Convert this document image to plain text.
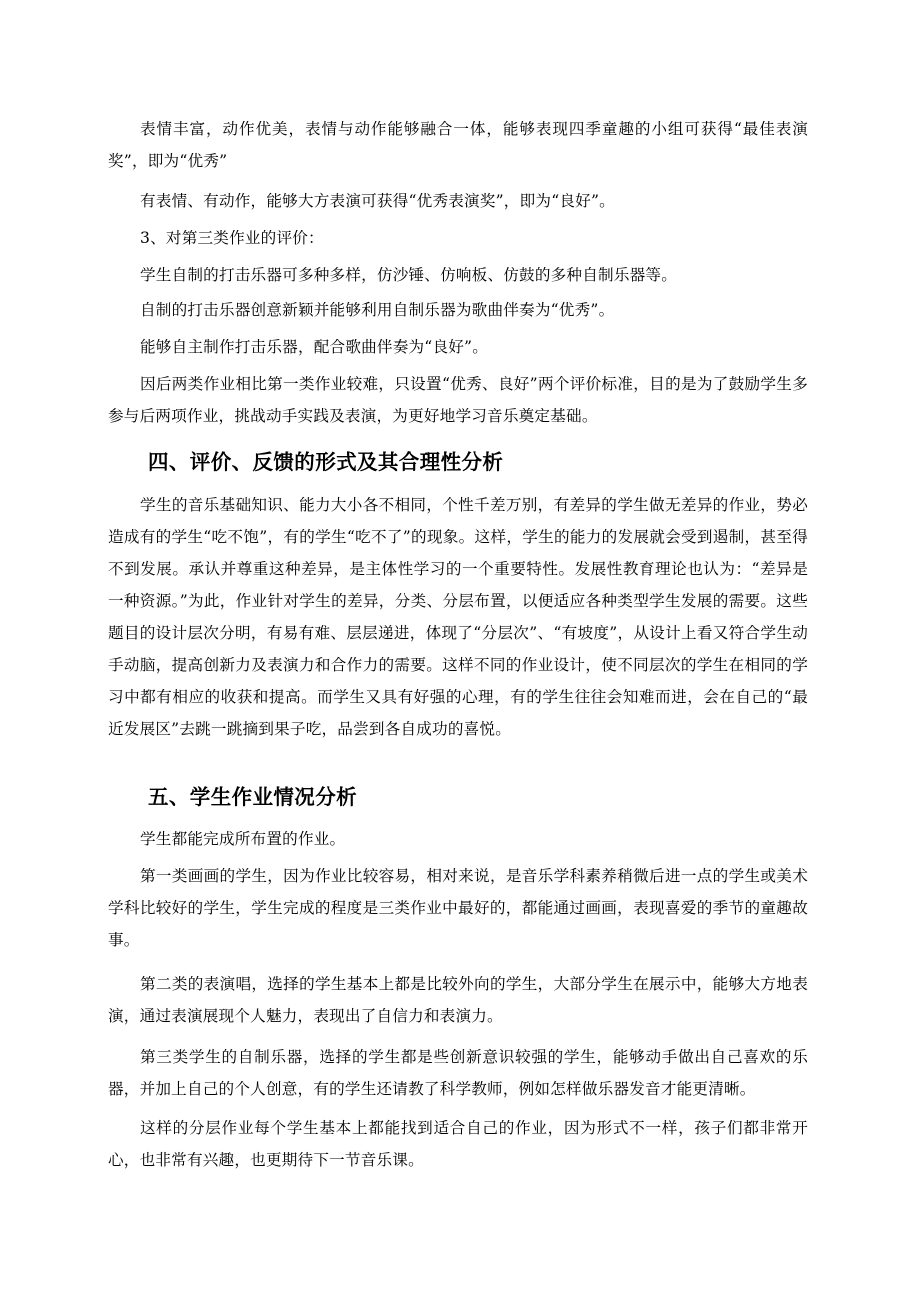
表情丰富，动作优美，表情与动作能够融合一体，能够表现四季童趣的小组可获得“最佳表演奖”，即为“优秀”

有表情、有动作，能够大方表演可获得“优秀表演奖”，即为“良好”。

3、对第三类作业的评价：

学生自制的打击乐器可多种多样，仿沙锤、仿响板、仿鼓的多种自制乐器等。

自制的打击乐器创意新颖并能够利用自制乐器为歌曲伴奏为“优秀”。

能够自主制作打击乐器，配合歌曲伴奏为“良好”。

因后两类作业相比第一类作业较难，只设置“优秀、良好”两个评价标准，目的是为了鼓励学生多参与后两项作业，挑战动手实践及表演，为更好地学习音乐奠定基础。

四、评价、反馈的形式及其合理性分析

学生的音乐基础知识、能力大小各不相同，个性千差万别，有差异的学生做无差异的作业，势必造成有的学生“吃不饱”，有的学生“吃不了”的现象。这样，学生的能力的发展就会受到遏制，甚至得不到发展。承认并尊重这种差异，是主体性学习的一个重要特性。发展性教育理论也认为：“差异是一种资源。”为此，作业针对学生的差异，分类、分层布置，以便适应各种类型学生发展的需要。这些题目的设计层次分明，有易有难、层层递进，体现了“分层次”、“有坡度”，从设计上看又符合学生动手动脑，提高创新力及表演力和合作力的需要。这样不同的作业设计，使不同层次的学生在相同的学习中都有相应的收获和提高。而学生又具有好强的心理，有的学生往往会知难而进，会在自己的“最近发展区”去跳一跳摘到果子吃，品尝到各自成功的喜悦。

五、学生作业情况分析

学生都能完成所布置的作业。

第一类画画的学生，因为作业比较容易，相对来说，是音乐学科素养稍微后进一点的学生或美术学科比较好的学生，学生完成的程度是三类作业中最好的，都能通过画画，表现喜爱的季节的童趣故事。

第二类的表演唱，选择的学生基本上都是比较外向的学生，大部分学生在展示中，能够大方地表演，通过表演展现个人魅力，表现出了自信力和表演力。

第三类学生的自制乐器，选择的学生都是些创新意识较强的学生，能够动手做出自己喜欢的乐器，并加上自己的个人创意，有的学生还请教了科学教师，例如怎样做乐器发音才能更清晰。

这样的分层作业每个学生基本上都能找到适合自己的作业，因为形式不一样，孩子们都非常开心，也非常有兴趣，也更期待下一节音乐课。
